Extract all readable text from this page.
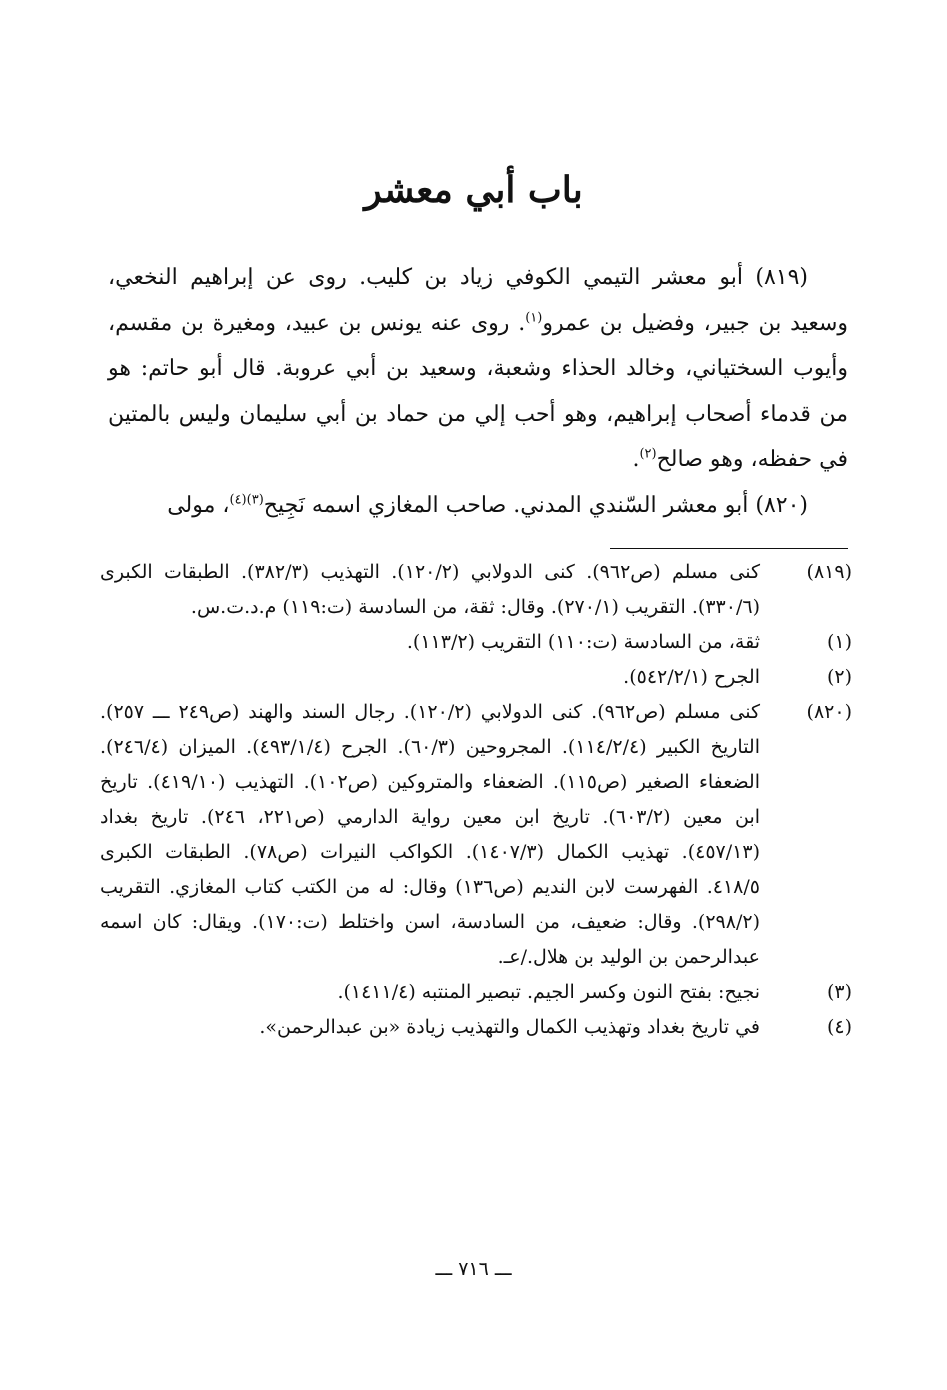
باب أبي معشر

(٨١٩) أبو معشر التيمي الكوفي زياد بن كليب. روى عن إبراهيم النخعي، وسعيد بن جبير، وفضيل بن عمرو$^{(١)}$. روى عنه يونس بن عبيد، ومغيرة بن مقسم، وأيوب السختياني، وخالد الحذاء وشعبة، وسعيد بن أبي عروبة. قال أبو حاتم: هو من قدماء أصحاب إبراهيم، وهو أحب إلي من حماد بن أبي سليمان وليس بالمتين في حفظه، وهو صالح$^{(٢)}$.

(٨٢٠) أبو معشر السّندي المدني. صاحب المغازي اسمه نَجِيح$^{(٣)(٤)}$، مولى

(٨١٩)
كنى مسلم (ص٩٦٢). كنى الدولابي (١٢٠/٢). التهذيب (٣٨٢/٣). الطبقات الكبرى (٣٣٠/٦). التقريب (٢٧٠/١). وقال: ثقة، من السادسة (ت:١١٩) م.د.ت.س.
(١)
ثقة، من السادسة (ت:١١٠) التقريب (١١٣/٢).
(٢)
الجرح (٥٤٢/٢/١).
(٨٢٠)
كنى مسلم (ص٩٦٢). كنى الدولابي (١٢٠/٢). رجال السند والهند (ص٢٤٩ ـــ ٢٥٧). التاريخ الكبير (١١٤/٢/٤). المجروحين (٦٠/٣). الجرح (٤٩٣/١/٤). الميزان (٢٤٦/٤). الضعفاء الصغير (ص١١٥). الضعفاء والمتروكين (ص١٠٢). التهذيب (٤١٩/١٠). تاريخ ابن معين (٦٠٣/٢). تاريخ ابن معين رواية الدارمي (ص٢٢١، ٢٤٦). تاريخ بغداد (٤٥٧/١٣). تهذيب الكمال (١٤٠٧/٣). الكواكب النيرات (ص٧٨). الطبقات الكبرى ٤١٨/٥. الفهرست لابن النديم (ص١٣٦) وقال: له من الكتب كتاب المغازي. التقريب (٢٩٨/٢). وقال: ضعيف، من السادسة، اسن واختلط (ت:١٧٠). ويقال: كان اسمه عبدالرحمن بن الوليد بن هلال./عـ.
(٣)
نجيح: بفتح النون وكسر الجيم. تبصير المنتبه (١٤١١/٤).
(٤)
في تاريخ بغداد وتهذيب الكمال والتهذيب زيادة «بن عبدالرحمن».
ـــ ٧١٦ ـــ
